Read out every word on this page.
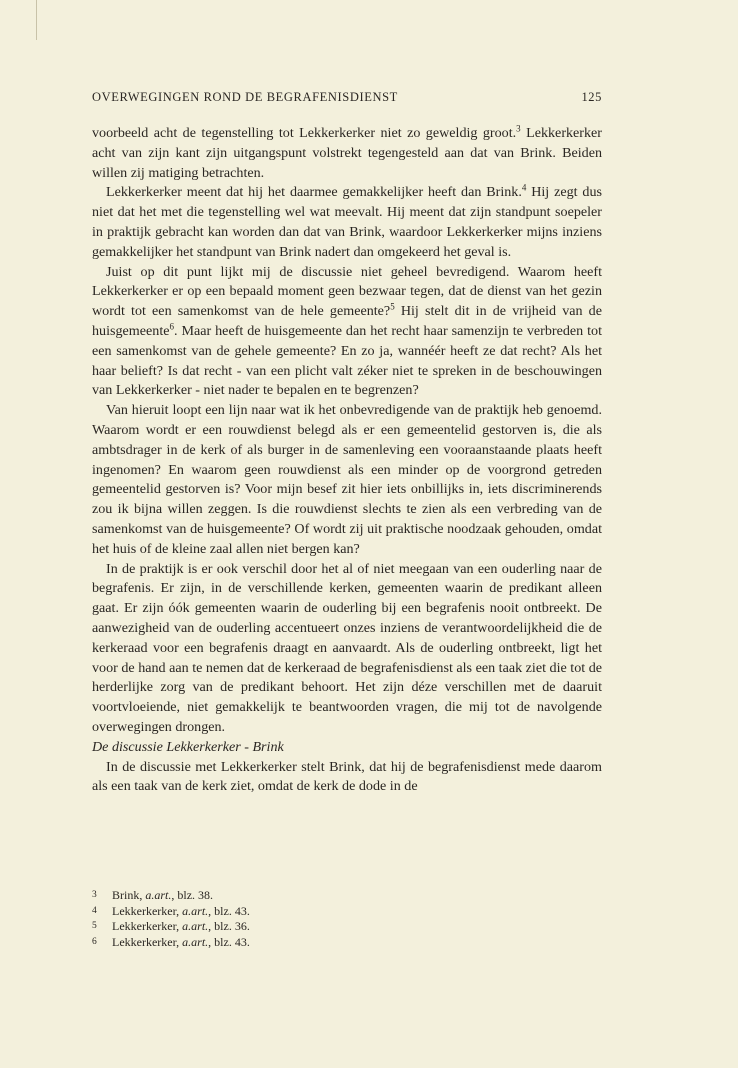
OVERWEGINGEN ROND DE BEGRAFENISDIENST	125

voorbeeld acht de tegenstelling tot Lekkerkerker niet zo geweldig groot.$^3$ Lekkerkerker acht van zijn kant zijn uitgangspunt volstrekt tegengesteld aan dat van Brink. Beiden willen zij matiging betrachten.

Lekkerkerker meent dat hij het daarmee gemakkelijker heeft dan Brink.$^4$ Hij zegt dus niet dat het met die tegenstelling wel wat meevalt. Hij meent dat zijn standpunt soepeler in praktijk gebracht kan worden dan dat van Brink, waardoor Lekkerkerker mijns inziens gemakkelijker het standpunt van Brink nadert dan omgekeerd het geval is.

Juist op dit punt lijkt mij de discussie niet geheel bevredigend. Waarom heeft Lekkerkerker er op een bepaald moment geen bezwaar tegen, dat de dienst van het gezin wordt tot een samenkomst van de hele gemeente?$^5$ Hij stelt dit in de vrijheid van de huisgemeente$^6$. Maar heeft de huisgemeente dan het recht haar samenzijn te verbreden tot een samenkomst van de gehele gemeente? En zo ja, wannéér heeft ze dat recht? Als het haar belieft? Is dat recht - van een plicht valt zéker niet te spreken in de beschouwingen van Lekkerkerker - niet nader te bepalen en te begrenzen?

Van hieruit loopt een lijn naar wat ik het onbevredigende van de praktijk heb genoemd. Waarom wordt er een rouwdienst belegd als er een gemeentelid gestorven is, die als ambtsdrager in de kerk of als burger in de samenleving een vooraanstaande plaats heeft ingenomen? En waarom geen rouwdienst als een minder op de voorgrond getreden gemeentelid gestorven is? Voor mijn besef zit hier iets onbillijks in, iets discriminerends zou ik bijna willen zeggen. Is die rouwdienst slechts te zien als een verbreding van de samenkomst van de huisgemeente? Of wordt zij uit praktische noodzaak gehouden, omdat het huis of de kleine zaal allen niet bergen kan?

In de praktijk is er ook verschil door het al of niet meegaan van een ouderling naar de begrafenis. Er zijn, in de verschillende kerken, gemeenten waarin de predikant alleen gaat. Er zijn óók gemeenten waarin de ouderling bij een begrafenis nooit ontbreekt. De aanwezigheid van de ouderling accentueert onzes inziens de verantwoordelijkheid die de kerkeraad voor een begrafenis draagt en aanvaardt. Als de ouderling ontbreekt, ligt het voor de hand aan te nemen dat de kerkeraad de begrafenisdienst als een taak ziet die tot de herderlijke zorg van de predikant behoort. Het zijn déze verschillen met de daaruit voortvloeiende, niet gemakkelijk te beantwoorden vragen, die mij tot de navolgende overwegingen drongen.

De discussie Lekkerkerker - Brink

In de discussie met Lekkerkerker stelt Brink, dat hij de begrafenisdienst mede daarom als een taak van de kerk ziet, omdat de kerk de dode in de

3	Brink, a.art., blz. 38.
4	Lekkerkerker, a.art., blz. 43.
5	Lekkerkerker, a.art., blz. 36.
6	Lekkerkerker, a.art., blz. 43.
